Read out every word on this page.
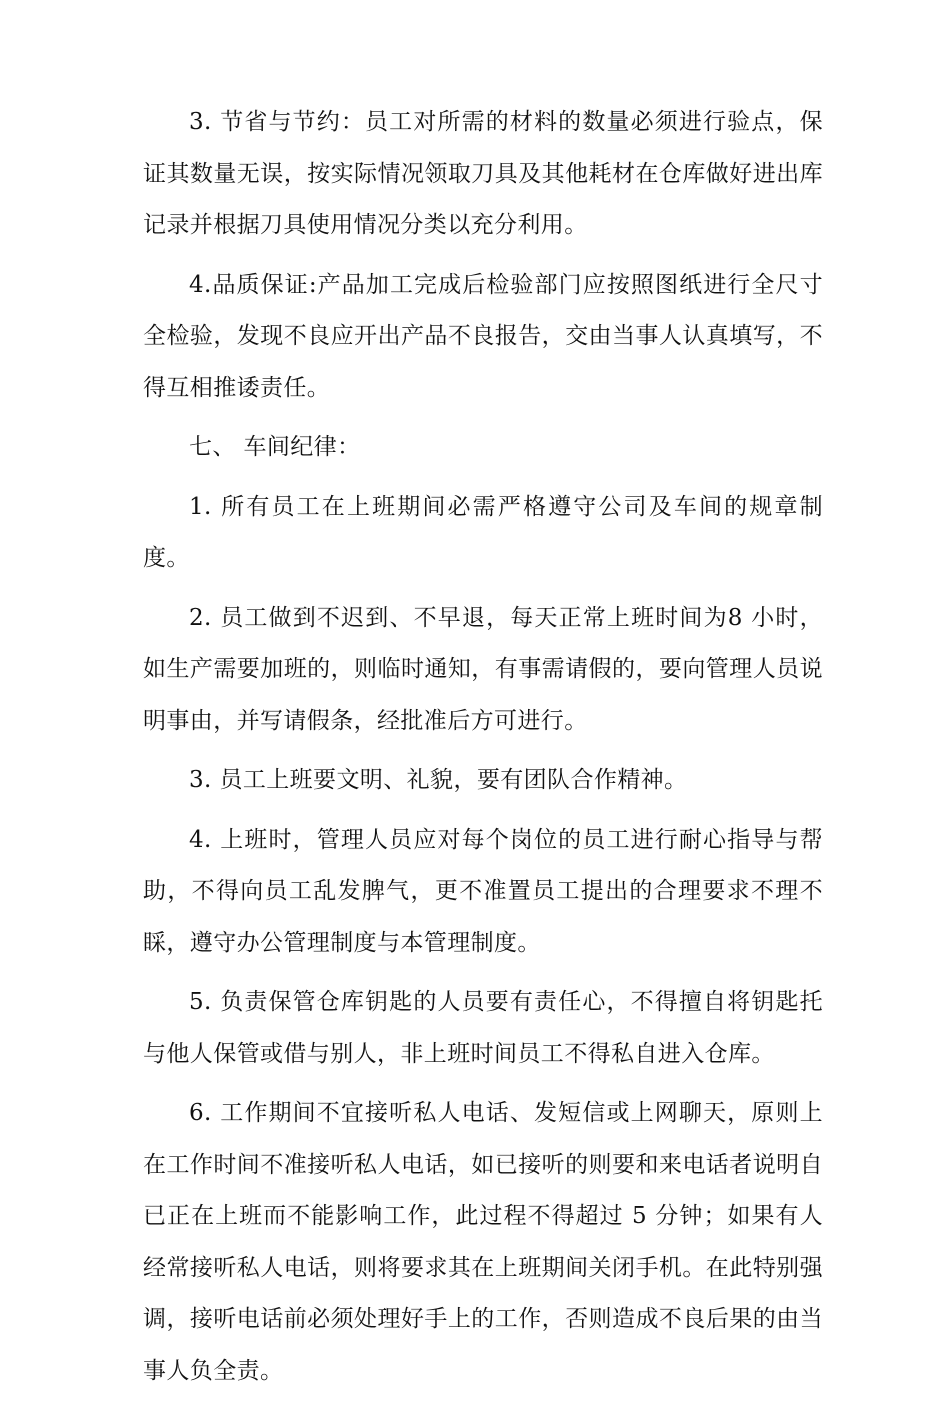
3. 节省与节约：员工对所需的材料的数量必须进行验点，保证其数量无误，按实际情况领取刀具及其他耗材在仓库做好进出库记录并根据刀具使用情况分类以充分利用。

4.品质保证:产品加工完成后检验部门应按照图纸进行全尺寸全检验，发现不良应开出产品不良报告，交由当事人认真填写，不得互相推诿责任。

七、 车间纪律：

1. 所有员工在上班期间必需严格遵守公司及车间的规章制度。

2. 员工做到不迟到、不早退，每天正常上班时间为8 小时，如生产需要加班的，则临时通知，有事需请假的，要向管理人员说明事由，并写请假条，经批准后方可进行。

3. 员工上班要文明、礼貌，要有团队合作精神。

4. 上班时，管理人员应对每个岗位的员工进行耐心指导与帮助，不得向员工乱发脾气，更不准置员工提出的合理要求不理不睬，遵守办公管理制度与本管理制度。

5. 负责保管仓库钥匙的人员要有责任心，不得擅自将钥匙托与他人保管或借与别人，非上班时间员工不得私自进入仓库。

6. 工作期间不宜接听私人电话、发短信或上网聊天，原则上在工作时间不准接听私人电话，如已接听的则要和来电话者说明自已正在上班而不能影响工作，此过程不得超过 5 分钟；如果有人经常接听私人电话，则将要求其在上班期间关闭手机。在此特别强调，接听电话前必须处理好手上的工作，否则造成不良后果的由当事人负全责。
